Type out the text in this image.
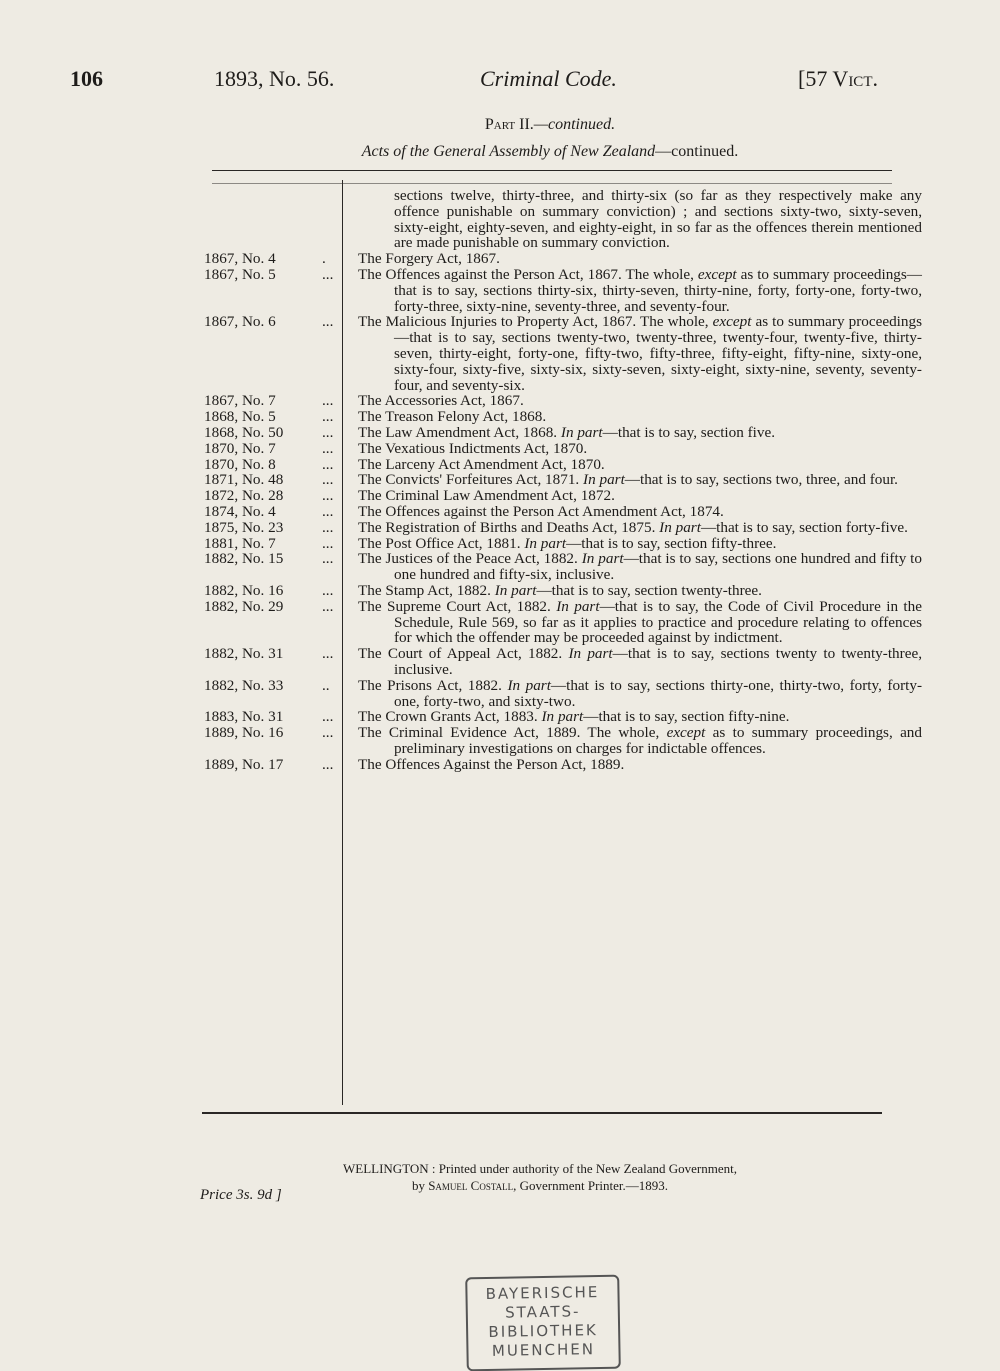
106	1893, No. 56.	Criminal Code.	[57 Vict.
Part II.—continued.
Acts of the General Assembly of New Zealand—continued.
sections twelve, thirty-three, and thirty-six (so far as they respectively make any offence punishable on summary conviction) ; and sections sixty-two, sixty-seven, sixty-eight, eighty-seven, and eighty-eight, in so far as the offences therein mentioned are made punishable on summary conviction.
1867, No. 4	. The Forgery Act, 1867.
1867, No. 5	... The Offences against the Person Act, 1867. The whole, except as to summary proceedings—that is to say, sections thirty-six, thirty-seven, thirty-nine, forty, forty-one, forty-two, forty-three, sixty-nine, seventy-three, and seventy-four.
1867, No. 6	... The Malicious Injuries to Property Act, 1867. The whole, except as to summary proceedings—that is to say, sections twenty-two, twenty-three, twenty-four, twenty-five, thirty-seven, thirty-eight, forty-one, fifty-two, fifty-three, fifty-eight, fifty-nine, sixty-one, sixty-four, sixty-five, sixty-six, sixty-seven, sixty-eight, sixty-nine, seventy, seventy-four, and seventy-six.
1867, No. 7	... The Accessories Act, 1867.
1868, No. 5	... The Treason Felony Act, 1868.
1868, No. 50	... The Law Amendment Act, 1868. In part—that is to say, section five.
1870, No. 7	... The Vexatious Indictments Act, 1870.
1870, No. 8	... The Larceny Act Amendment Act, 1870.
1871, No. 48	... The Convicts' Forfeitures Act, 1871. In part—that is to say, sections two, three, and four.
1872, No. 28	... The Criminal Law Amendment Act, 1872.
1874, No. 4	... The Offences against the Person Act Amendment Act, 1874.
1875, No. 23	... The Registration of Births and Deaths Act, 1875. In part—that is to say, section forty-five.
1881, No. 7	... The Post Office Act, 1881. In part—that is to say, section fifty-three.
1882, No. 15	... The Justices of the Peace Act, 1882. In part—that is to say, sections one hundred and fifty to one hundred and fifty-six, inclusive.
1882, No. 16	... The Stamp Act, 1882. In part—that is to say, section twenty-three.
1882, No. 29	... The Supreme Court Act, 1882. In part—that is to say, the Code of Civil Procedure in the Schedule, Rule 569, so far as it applies to practice and procedure relating to offences for which the offender may be proceeded against by indictment.
1882, No. 31	... The Court of Appeal Act, 1882. In part—that is to say, sections twenty to twenty-three, inclusive.
1882, No. 33	.. The Prisons Act, 1882. In part—that is to say, sections thirty-one, thirty-two, forty, forty-one, forty-two, and sixty-two.
1883, No. 31	... The Crown Grants Act, 1883. In part—that is to say, section fifty-nine.
1889, No. 16	... The Criminal Evidence Act, 1889. The whole, except as to summary proceedings, and preliminary investigations on charges for indictable offences.
1889, No. 17	... The Offences Against the Person Act, 1889.
WELLINGTON : Printed under authority of the New Zealand Government,
by Samuel Costall, Government Printer.—1893.
Price 3s. 9d ]
BAYERISCHE
STAATS-
BIBLIOTHEK
MUENCHEN
